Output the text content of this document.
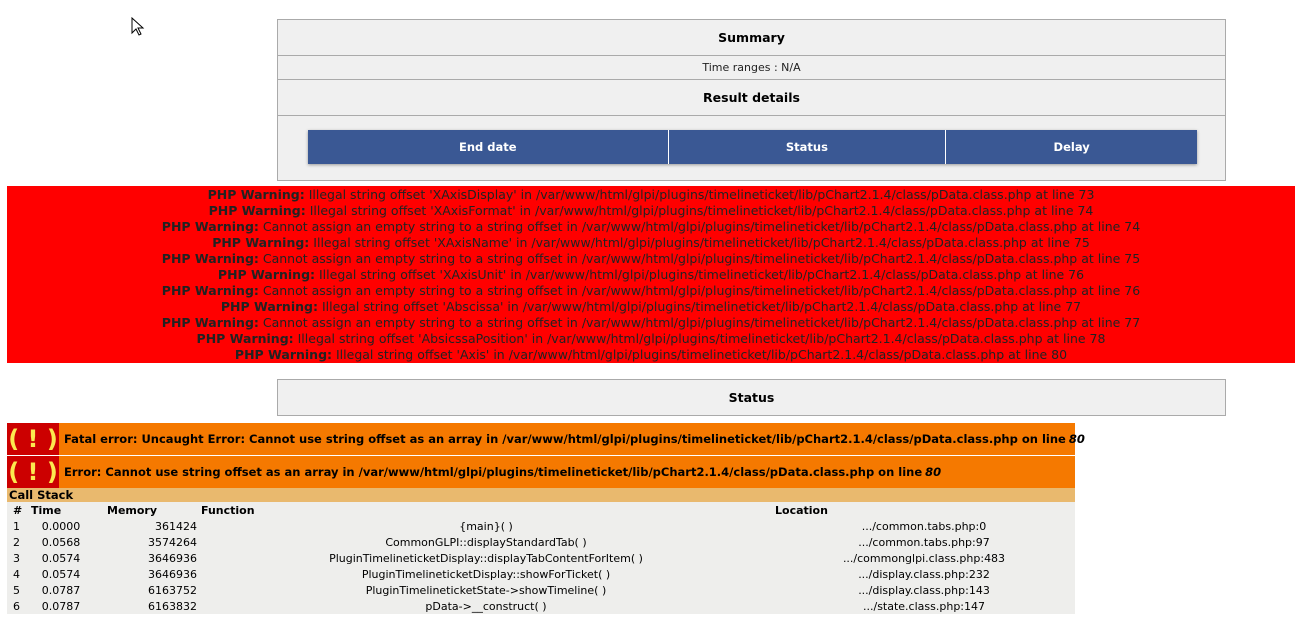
Summary
Time ranges : N/A
Result details
End date	Status	Delay
PHP Warning: Illegal string offset 'XAxisDisplay' in /var/www/html/glpi/plugins/timelineticket/lib/pChart2.1.4/class/pData.class.php at line 73
PHP Warning: Illegal string offset 'XAxisFormat' in /var/www/html/glpi/plugins/timelineticket/lib/pChart2.1.4/class/pData.class.php at line 74
PHP Warning: Cannot assign an empty string to a string offset in /var/www/html/glpi/plugins/timelineticket/lib/pChart2.1.4/class/pData.class.php at line 74
PHP Warning: Illegal string offset 'XAxisName' in /var/www/html/glpi/plugins/timelineticket/lib/pChart2.1.4/class/pData.class.php at line 75
PHP Warning: Cannot assign an empty string to a string offset in /var/www/html/glpi/plugins/timelineticket/lib/pChart2.1.4/class/pData.class.php at line 75
PHP Warning: Illegal string offset 'XAxisUnit' in /var/www/html/glpi/plugins/timelineticket/lib/pChart2.1.4/class/pData.class.php at line 76
PHP Warning: Cannot assign an empty string to a string offset in /var/www/html/glpi/plugins/timelineticket/lib/pChart2.1.4/class/pData.class.php at line 76
PHP Warning: Illegal string offset 'Abscissa' in /var/www/html/glpi/plugins/timelineticket/lib/pChart2.1.4/class/pData.class.php at line 77
PHP Warning: Cannot assign an empty string to a string offset in /var/www/html/glpi/plugins/timelineticket/lib/pChart2.1.4/class/pData.class.php at line 77
PHP Warning: Illegal string offset 'AbsicssaPosition' in /var/www/html/glpi/plugins/timelineticket/lib/pChart2.1.4/class/pData.class.php at line 78
PHP Warning: Illegal string offset 'Axis' in /var/www/html/glpi/plugins/timelineticket/lib/pChart2.1.4/class/pData.class.php at line 80
Status
( ! ) Fatal error: Uncaught Error: Cannot use string offset as an array in /var/www/html/glpi/plugins/timelineticket/lib/pChart2.1.4/class/pData.class.php on line 80
( ! ) Error: Cannot use string offset as an array in /var/www/html/glpi/plugins/timelineticket/lib/pChart2.1.4/class/pData.class.php on line 80
Call Stack
#	Time	Memory	Function	Location
1	0.0000	361424	{main}( )	.../common.tabs.php:0
2	0.0568	3574264	CommonGLPI::displayStandardTab( )	.../common.tabs.php:97
3	0.0574	3646936	PluginTimelineticketDisplay::displayTabContentForItem( )	.../commonglpi.class.php:483
4	0.0574	3646936	PluginTimelineticketDisplay::showForTicket( )	.../display.class.php:232
5	0.0787	6163752	PluginTimelineticketState->showTimeline( )	.../display.class.php:143
6	0.0787	6163832	pData->__construct( )	.../state.class.php:147
